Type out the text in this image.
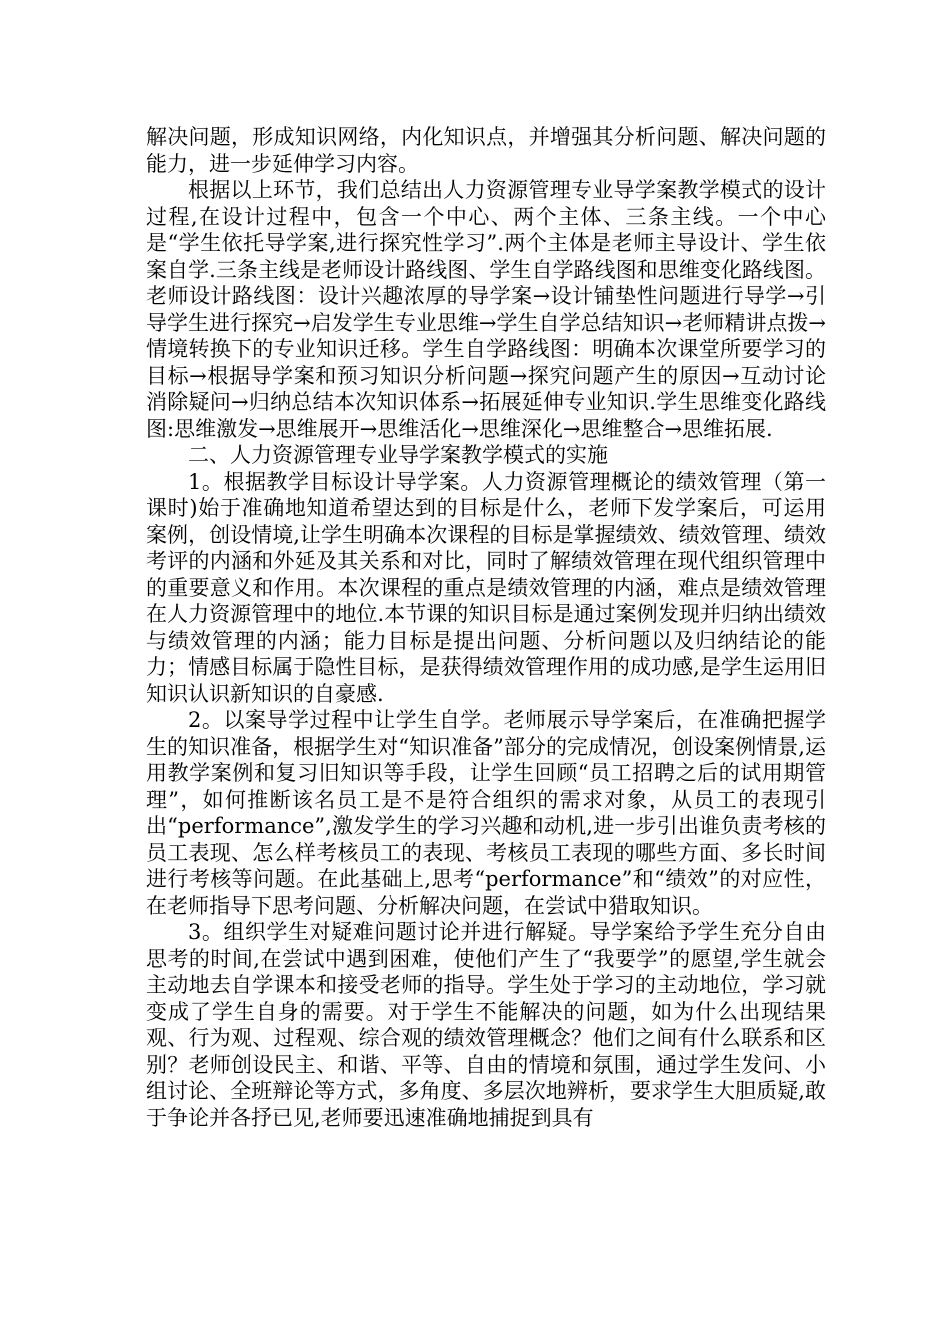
解决问题，形成知识网络，内化知识点，并增强其分析问题、解决问题的能力，进一步延伸学习内容。

根据以上环节，我们总结出人力资源管理专业导学案教学模式的设计过程,在设计过程中，包含一个中心、两个主体、三条主线。一个中心是“学生依托导学案,进行探究性学习”.两个主体是老师主导设计、学生依案自学.三条主线是老师设计路线图、学生自学路线图和思维变化路线图。老师设计路线图：设计兴趣浓厚的导学案→设计铺垫性问题进行导学→引导学生进行探究→启发学生专业思维→学生自学总结知识→老师精讲点拨→情境转换下的专业知识迁移。学生自学路线图：明确本次课堂所要学习的目标→根据导学案和预习知识分析问题→探究问题产生的原因→互动讨论消除疑问→归纳总结本次知识体系→拓展延伸专业知识.学生思维变化路线图:思维激发→思维展开→思维活化→思维深化→思维整合→思维拓展.

二、人力资源管理专业导学案教学模式的实施

1。根据教学目标设计导学案。人力资源管理概论的绩效管理（第一课时)始于准确地知道希望达到的目标是什么，老师下发学案后，可运用案例，创设情境,让学生明确本次课程的目标是掌握绩效、绩效管理、绩效考评的内涵和外延及其关系和对比，同时了解绩效管理在现代组织管理中的重要意义和作用。本次课程的重点是绩效管理的内涵，难点是绩效管理在人力资源管理中的地位.本节课的知识目标是通过案例发现并归纳出绩效与绩效管理的内涵；能力目标是提出问题、分析问题以及归纳结论的能力；情感目标属于隐性目标，是获得绩效管理作用的成功感,是学生运用旧知识认识新知识的自豪感.

2。以案导学过程中让学生自学。老师展示导学案后，在准确把握学生的知识准备，根据学生对“知识准备”部分的完成情况，创设案例情景,运用教学案例和复习旧知识等手段，让学生回顾“员工招聘之后的试用期管理”，如何推断该名员工是不是符合组织的需求对象，从员工的表现引出“performance”,激发学生的学习兴趣和动机,进一步引出谁负责考核的员工表现、怎么样考核员工的表现、考核员工表现的哪些方面、多长时间进行考核等问题。在此基础上,思考“performance”和“绩效”的对应性，在老师指导下思考问题、分析解决问题，在尝试中猎取知识。

3。组织学生对疑难问题讨论并进行解疑。导学案给予学生充分自由思考的时间,在尝试中遇到困难，使他们产生了“我要学”的愿望,学生就会主动地去自学课本和接受老师的指导。学生处于学习的主动地位，学习就变成了学生自身的需要。对于学生不能解决的问题，如为什么出现结果观、行为观、过程观、综合观的绩效管理概念？他们之间有什么联系和区别？老师创设民主、和谐、平等、自由的情境和氛围，通过学生发问、小组讨论、全班辩论等方式，多角度、多层次地辨析，要求学生大胆质疑,敢于争论并各抒已见,老师要迅速准确地捕捉到具有
